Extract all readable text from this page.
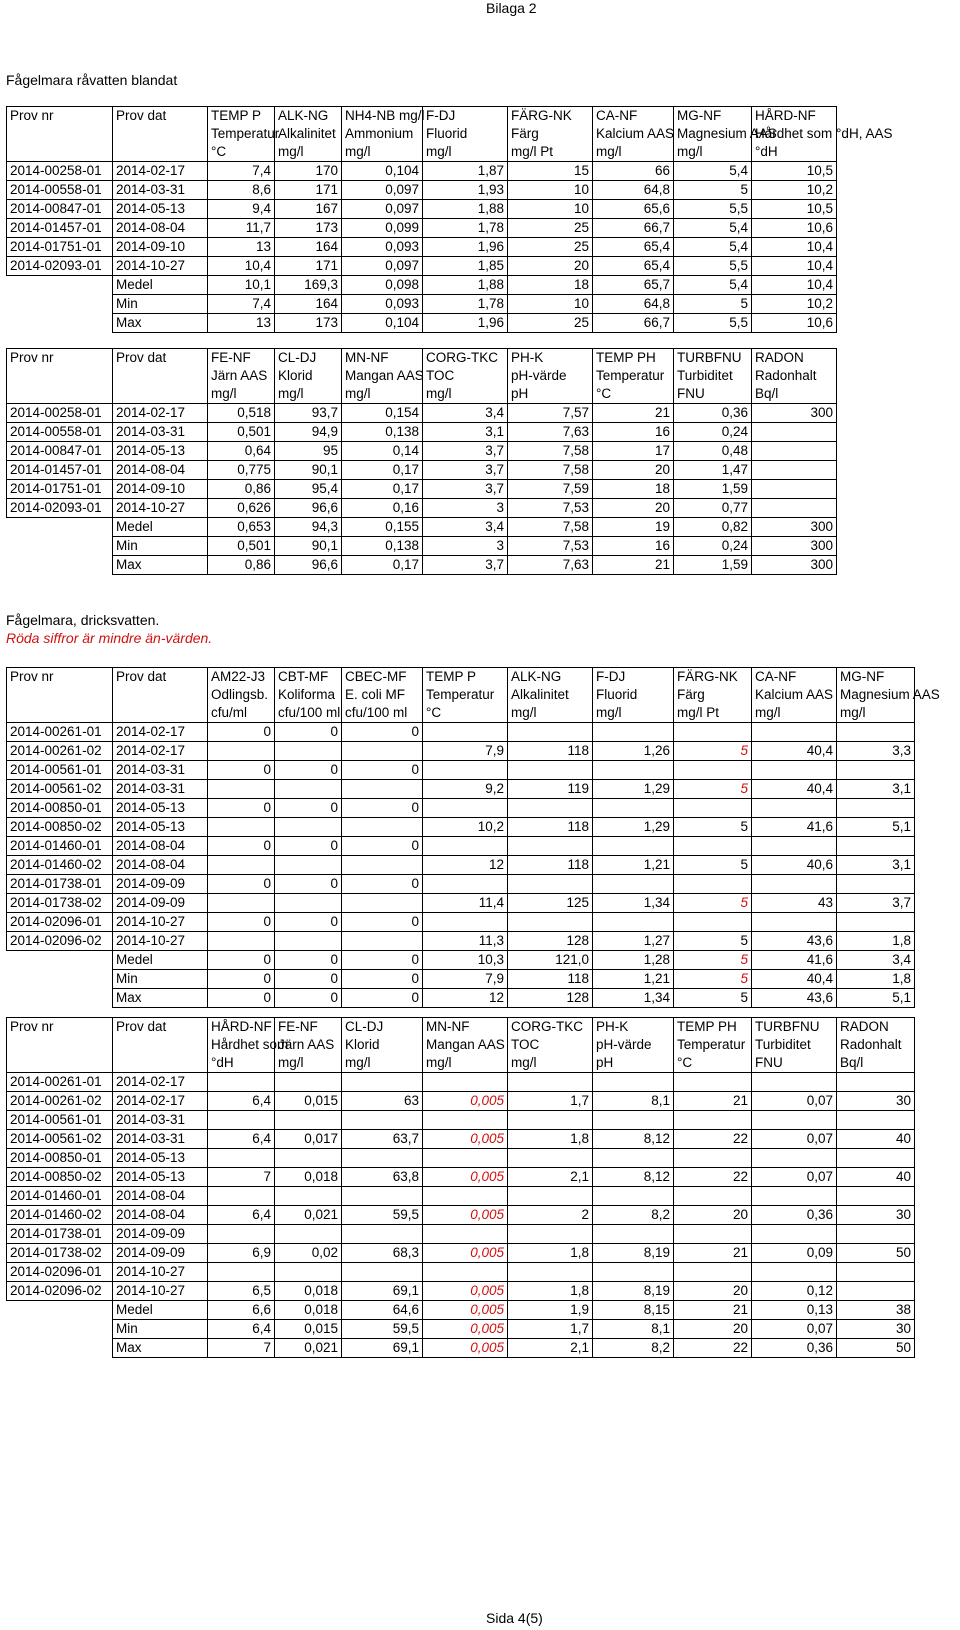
Bilaga 2
Fågelmara råvatten blandat
Prov nr	Prov dat	TEMP P	ALK-NG	NH4-NB mg/l	F-DJ	FÄRG-NK	CA-NF	MG-NF	HÅRD-NF
		Temperatur	Alkalinitet	Ammonium	Fluorid	Färg	Kalcium AAS	Magnesium AAS	Hårdhet som °dH, AAS
		°C	mg/l	mg/l	mg/l	mg/l Pt	mg/l	mg/l	°dH
2014-00258-01	2014-02-17	7,4	170	0,104	1,87	15	66	5,4	10,5
2014-00558-01	2014-03-31	8,6	171	0,097	1,93	10	64,8	5	10,2
2014-00847-01	2014-05-13	9,4	167	0,097	1,88	10	65,6	5,5	10,5
2014-01457-01	2014-08-04	11,7	173	0,099	1,78	25	66,7	5,4	10,6
2014-01751-01	2014-09-10	13	164	0,093	1,96	25	65,4	5,4	10,4
2014-02093-01	2014-10-27	10,4	171	0,097	1,85	20	65,4	5,5	10,4
	Medel	10,1	169,3	0,098	1,88	18	65,7	5,4	10,4
	Min	7,4	164	0,093	1,78	10	64,8	5	10,2
	Max	13	173	0,104	1,96	25	66,7	5,5	10,6
Prov nr	Prov dat	FE-NF	CL-DJ	MN-NF	CORG-TKC	PH-K	TEMP PH	TURBFNU	RADON
		Järn AAS	Klorid	Mangan AAS	TOC	pH-värde	Temperatur	Turbiditet	Radonhalt
		mg/l	mg/l	mg/l	mg/l	pH	°C	FNU	Bq/l
2014-00258-01	2014-02-17	0,518	93,7	0,154	3,4	7,57	21	0,36	300
2014-00558-01	2014-03-31	0,501	94,9	0,138	3,1	7,63	16	0,24	
2014-00847-01	2014-05-13	0,64	95	0,14	3,7	7,58	17	0,48	
2014-01457-01	2014-08-04	0,775	90,1	0,17	3,7	7,58	20	1,47	
2014-01751-01	2014-09-10	0,86	95,4	0,17	3,7	7,59	18	1,59	
2014-02093-01	2014-10-27	0,626	96,6	0,16	3	7,53	20	0,77	
	Medel	0,653	94,3	0,155	3,4	7,58	19	0,82	300
	Min	0,501	90,1	0,138	3	7,53	16	0,24	300
	Max	0,86	96,6	0,17	3,7	7,63	21	1,59	300
Fågelmara, dricksvatten.
Röda siffror är mindre än-värden.
Prov nr	Prov dat	AM22-J3	CBT-MF	CBEC-MF	TEMP P	ALK-NG	F-DJ	FÄRG-NK	CA-NF	MG-NF
		Odlingsb.	Koliforma	E. coli MF	Temperatur	Alkalinitet	Fluorid	Färg	Kalcium AAS	Magnesium AAS
		cfu/ml	cfu/100 ml	cfu/100 ml	°C	mg/l	mg/l	mg/l Pt	mg/l	mg/l
2014-00261-01	2014-02-17	0	0	0						
2014-00261-02	2014-02-17				7,9	118	1,26	5	40,4	3,3
2014-00561-01	2014-03-31	0	0	0						
2014-00561-02	2014-03-31				9,2	119	1,29	5	40,4	3,1
2014-00850-01	2014-05-13	0	0	0						
2014-00850-02	2014-05-13				10,2	118	1,29	5	41,6	5,1
2014-01460-01	2014-08-04	0	0	0						
2014-01460-02	2014-08-04				12	118	1,21	5	40,6	3,1
2014-01738-01	2014-09-09	0	0	0						
2014-01738-02	2014-09-09				11,4	125	1,34	5	43	3,7
2014-02096-01	2014-10-27	0	0	0						
2014-02096-02	2014-10-27				11,3	128	1,27	5	43,6	1,8
	Medel	0	0	0	10,3	121,0	1,28	5	41,6	3,4
	Min	0	0	0	7,9	118	1,21	5	40,4	1,8
	Max	0	0	0	12	128	1,34	5	43,6	5,1
Prov nr	Prov dat	HÅRD-NF	FE-NF	CL-DJ	MN-NF	CORG-TKC	PH-K	TEMP PH	TURBFNU	RADON
		Hårdhet som	Järn AAS	Klorid	Mangan AAS	TOC	pH-värde	Temperatur	Turbiditet	Radonhalt
		°dH	mg/l	mg/l	mg/l	mg/l	pH	°C	FNU	Bq/l
2014-00261-01	2014-02-17									
2014-00261-02	2014-02-17	6,4	0,015	63	0,005	1,7	8,1	21	0,07	30
2014-00561-01	2014-03-31									
2014-00561-02	2014-03-31	6,4	0,017	63,7	0,005	1,8	8,12	22	0,07	40
2014-00850-01	2014-05-13									
2014-00850-02	2014-05-13	7	0,018	63,8	0,005	2,1	8,12	22	0,07	40
2014-01460-01	2014-08-04									
2014-01460-02	2014-08-04	6,4	0,021	59,5	0,005	2	8,2	20	0,36	30
2014-01738-01	2014-09-09									
2014-01738-02	2014-09-09	6,9	0,02	68,3	0,005	1,8	8,19	21	0,09	50
2014-02096-01	2014-10-27									
2014-02096-02	2014-10-27	6,5	0,018	69,1	0,005	1,8	8,19	20	0,12	
	Medel	6,6	0,018	64,6	0,005	1,9	8,15	21	0,13	38
	Min	6,4	0,015	59,5	0,005	1,7	8,1	20	0,07	30
	Max	7	0,021	69,1	0,005	2,1	8,2	22	0,36	50
Sida 4(5)
